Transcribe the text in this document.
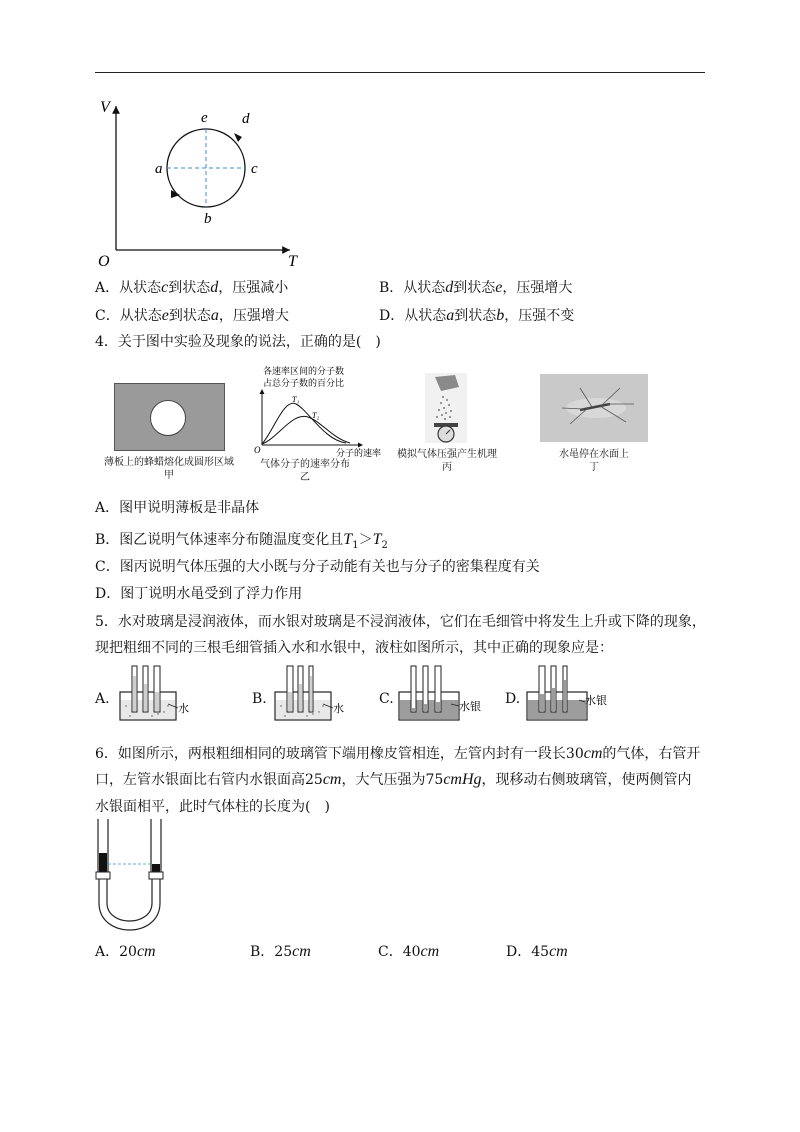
V
T
O
a
b
c
d
e
A．从状态c到状态d，压强减小	B．从状态d到状态e，压强增大
C．从状态e到状态a，压强增大	D．从状态a到状态b，压强不变
4．关于图中实验及现象的说法，正确的是(　)
薄板上的蜂蜡熔化成圆形区域
甲
各速率区间的分子数
占总分子数的百分比
T₁
T₂
O	分子的速率
气体分子的速率分布
乙
模拟气体压强产生机理
丙
水黾停在水面上
丁
A．图甲说明薄板是非晶体
B．图乙说明气体速率分布随温度变化且$T_1>T_2$
C．图丙说明气体压强的大小既与分子动能有关也与分子的密集程度有关
D．图丁说明水黾受到了浮力作用
5．水对玻璃是浸润液体，而水银对玻璃是不浸润液体，它们在毛细管中将发生上升或下降的现象，
现把粗细不同的三根毛细管插入水和水银中，液柱如图所示，其中正确的现象应是：
A.
水
B.
水
C.	水银 D.	水银
6．如图所示，两根粗细相同的玻璃管下端用橡皮管相连，左管内封有一段长30cm的气体，右管开
口，左管水银面比右管内水银面高25cm，大气压强为75cmHg，现移动右侧玻璃管，使两侧管内
水银面相平，此时气体柱的长度为(　)
A．20cm	B．25cm	C．40cm	D．45cm
